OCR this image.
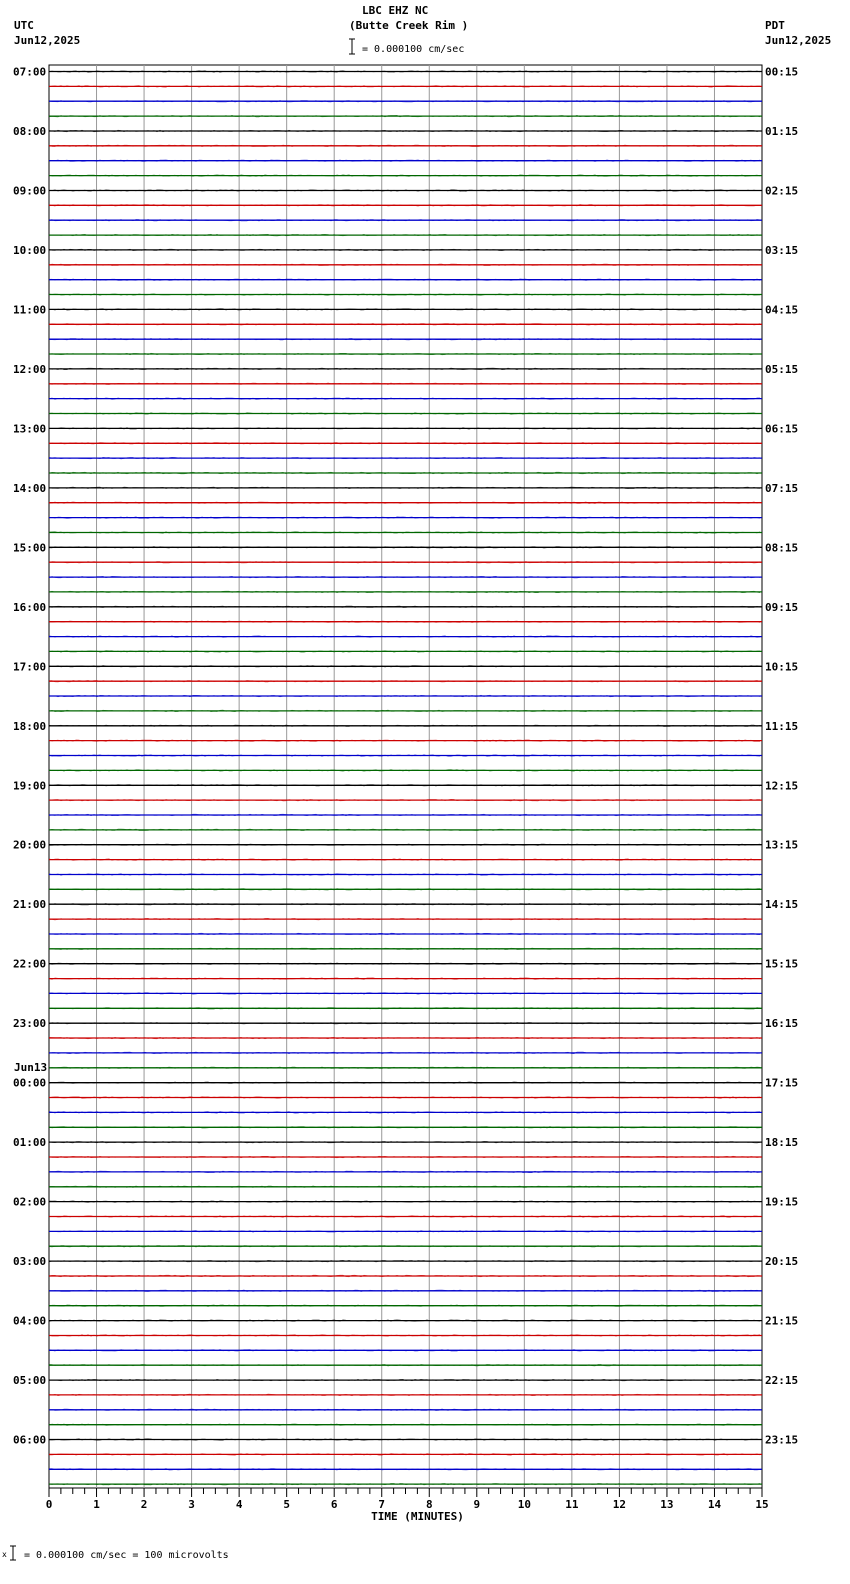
LBC EHZ NC
(Butte Creek Rim )
UTC
Jun12,2025
PDT
Jun12,2025
= 0.000100 cm/sec
Jun13
07:00
08:00
09:00
10:00
11:00
12:00
13:00
14:00
15:00
16:00
17:00
18:00
19:00
20:00
21:00
22:00
23:00
00:00
01:00
02:00
03:00
04:00
05:00
06:00
00:15
01:15
02:15
03:15
04:15
05:15
06:15
07:15
08:15
09:15
10:15
11:15
12:15
13:15
14:15
15:15
16:15
17:15
18:15
19:15
20:15
21:15
22:15
23:15
0	1	2	3	4	5	6	7	8	9	10	11	12	13	14	15
TIME (MINUTES)
x = 0.000100 cm/sec = 100 microvolts
